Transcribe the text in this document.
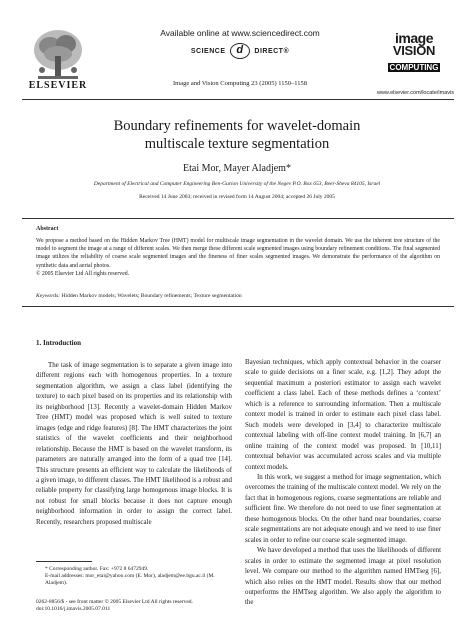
ELSEVIER
Available online at www.sciencedirect.com
SCIENCE d DIRECT®
Image and Vision Computing 23 (2005) 1150–1158
image
VISION
COMPUTING
www.elsevier.com/locate/imavis
Boundary refinements for wavelet-domain
multiscale texture segmentation
Etai Mor, Mayer Aladjem*
Department of Electrical and Computer Engineering Ben-Gurion University of the Negev P.O. Box 653, Beer-Sheva 84105, Israel
Received 14 June 2003; received in revised form 14 August 2004; accepted 26 July 2005
Abstract
We propose a method based on the Hidden Markov Tree (HMT) model for multiscale image segmentation in the wavelet domain. We use the inherent tree structure of the model to segment the image at a range of different scales. We then merge these different scale segmented images using boundary refinement conditions. The final segmented image utilizes the reliability of coarse scale segmented images and the fineness of finer scales segmented images. We demonstrate the performance of the algorithm on synthetic data and aerial photos.
© 2005 Elsevier Ltd All rights reserved.
Keywords: Hidden Markov models; Wavelets; Boundary refinements; Texture segmentation
1. Introduction

The task of image segmentation is to separate a given image into different regions each with homogenous properties. In a texture segmentation algorithm, we assign a class label (identifying the texture) to each pixel based on its properties and its relationship with its neighborhood [13]. Recently a wavelet-domain Hidden Markov Tree (HMT) model was proposed which is well suited to texture images (edge and ridge features) [8]. The HMT characterizes the joint statistics of the wavelet coefficients and their neighborhood relationship. Because the HMT is based on the wavelet transform, its parameters are naturally arranged into the form of a quad tree [14]. This structure presents an efficient way to calculate the likelihoods of a given image, to different classes. The HMT likelihood is a robust and reliable property for classifying large homogenous image blocks. It is not robust for small blocks because it does not capture enough neighborhood information in order to assign the correct label. Recently, researchers proposed multiscale

Bayesian techniques, which apply contextual behavior in the coarser scale to guide decisions on a finer scale, e.g. [1,2]. They adopt the sequential maximum a posteriori estimator to assign each wavelet coefficient a class label. Each of these methods defines a ‘context’ which is a reference to surrounding information. Then a multiscale context model is trained in order to estimate each pixel class label. Such models were developed in [3,4] to characterize multiscale contextual labeling with off-line context model training. In [6,7] an online training of the context model was proposed. In [10,11] contextual behavior was accumulated across scales and via multiple context models.

In this work, we suggest a method for image segmentation, which overcomes the training of the multiscale context model. We rely on the fact that in homogenous regions, coarse segmentations are reliable and sufficient fine. We therefore do not need to use finer segmentation at these homogenous blocks. On the other hand near boundaries, coarse scale segmentations are not adequate enough and we need to use finer scales in order to refine our coarse scale segmented image.

We have developed a method that uses the likelihoods of different scales in order to estimate the segmented image at pixel resolution level. We compare our method to the algorithm named HMTseg [6], which also relies on the HMT model. Results show that our method outperforms the HMTseg algorithm. We also apply the algorithm to the

* Corresponding author. Fax: +972 8 6472949.
E-mail addresses: mor_etai@yahoo.com (E. Mor), aladjem@ee.bgu.ac.il (M. Aladjem).
0262-8856/$ - see front matter © 2005 Elsevier Ltd All rights reserved.
doi:10.1016/j.imavis.2005.07.011
